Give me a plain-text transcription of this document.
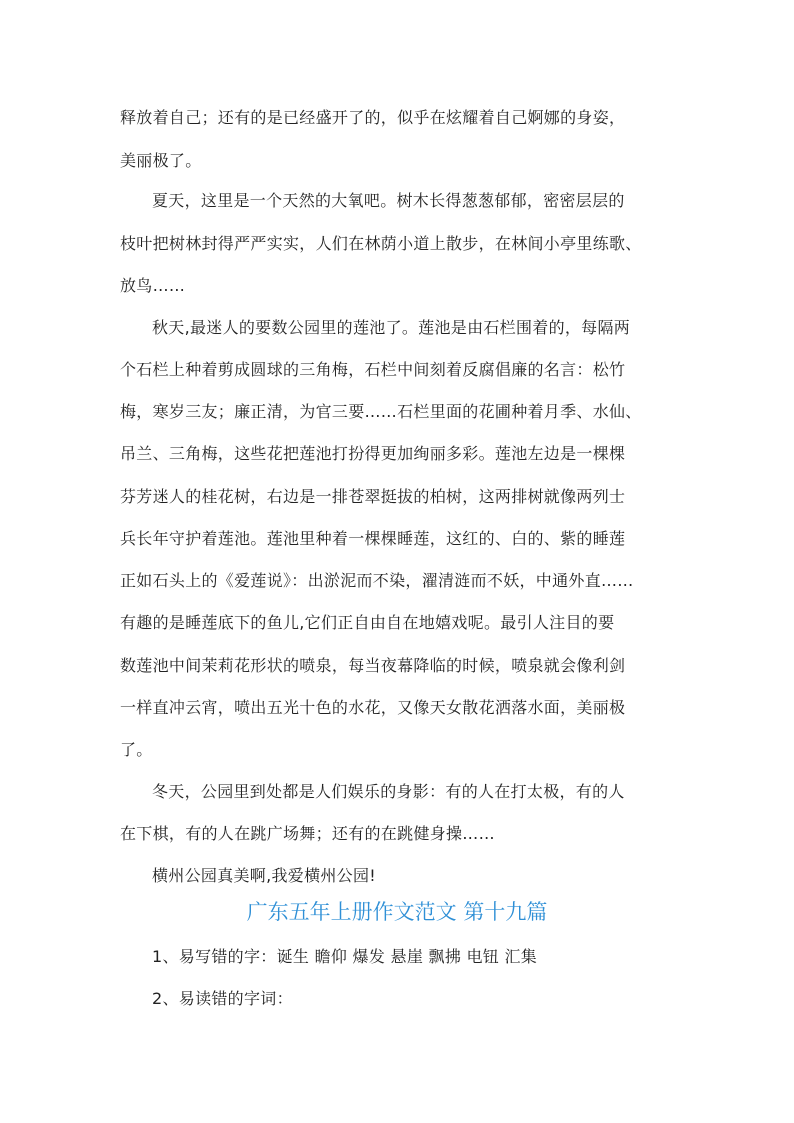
释放着自己；还有的是已经盛开了的，似乎在炫耀着自己婀娜的身姿，
美丽极了。
夏天，这里是一个天然的大氧吧。树木长得葱葱郁郁，密密层层的
枝叶把树林封得严严实实，人们在林荫小道上散步，在林间小亭里练歌、
放鸟……
秋天,最迷人的要数公园里的莲池了。莲池是由石栏围着的，每隔两
个石栏上种着剪成圆球的三角梅，石栏中间刻着反腐倡廉的名言：松竹
梅，寒岁三友；廉正清，为官三要……石栏里面的花圃种着月季、水仙、
吊兰、三角梅，这些花把莲池打扮得更加绚丽多彩。莲池左边是一棵棵
芬芳迷人的桂花树，右边是一排苍翠挺拔的柏树，这两排树就像两列士
兵长年守护着莲池。莲池里种着一棵棵睡莲，这红的、白的、紫的睡莲
正如石头上的《爱莲说》：出淤泥而不染，濯清涟而不妖，中通外直……
有趣的是睡莲底下的鱼儿,它们正自由自在地嬉戏呢。最引人注目的要
数莲池中间茉莉花形状的喷泉，每当夜幕降临的时候，喷泉就会像利剑
一样直冲云宵，喷出五光十色的水花，又像天女散花洒落水面，美丽极
了。
冬天，公园里到处都是人们娱乐的身影：有的人在打太极，有的人
在下棋，有的人在跳广场舞；还有的在跳健身操……
横州公园真美啊,我爱横州公园!
广东五年上册作文范文 第十九篇
1、易写错的字：诞生 瞻仰 爆发 悬崖 飘拂 电钮 汇集
2、易读错的字词：
